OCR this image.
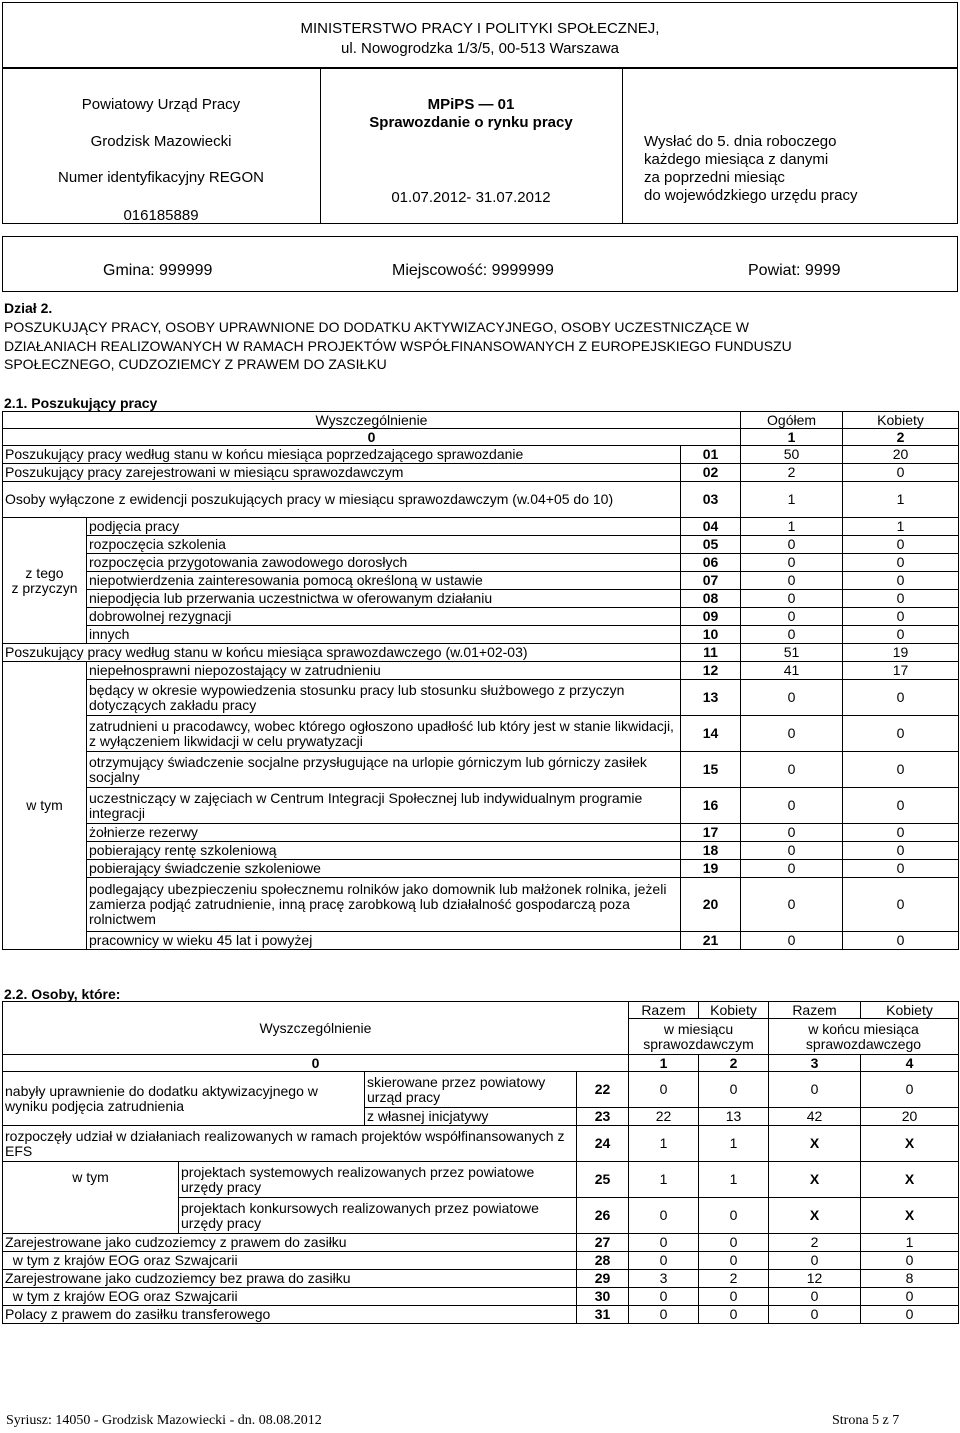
MINISTERSTWO PRACY I POLITYKI SPOŁECZNEJ,
ul. Nowogrodzka 1/3/5, 00-513 Warszawa
Powiatowy Urząd Pracy
Grodzisk Mazowiecki
Numer identyfikacyjny REGON
016185889
MPiPS — 01
Sprawozdanie o rynku pracy
01.07.2012- 31.07.2012
Wysłać do 5. dnia roboczego
każdego miesiąca z danymi
za poprzedni miesiąc
do wojewódzkiego urzędu pracy
Gmina: 999999	Miejscowość: 9999999	Powiat: 9999
Dział 2.
POSZUKUJĄCY PRACY, OSOBY UPRAWNIONE DO DODATKU AKTYWIZACYJNEGO, OSOBY UCZESTNICZĄCE W
DZIAŁANIACH REALIZOWANYCH W RAMACH PROJEKTÓW WSPÓŁFINANSOWANYCH Z EUROPEJSKIEGO FUNDUSZU
SPOŁECZNEGO, CUDZOZIEMCY Z PRAWEM DO ZASIŁKU
2.1. Poszukujący pracy
Wyszczególnienie			Ogółem	Kobiety
0			1	2
Poszukujący pracy według stanu w końcu miesiąca poprzedzającego sprawozdanie		01	50	20
Poszukujący pracy zarejestrowani w miesiącu sprawozdawczym		02	2	0
Osoby wyłączone z ewidencji poszukujących pracy w miesiącu sprawozdawczym (w.04+05 do 10)		03	1	1
z tego
z przyczyn	podjęcia pracy	04	1	1
	rozpoczęcia szkolenia	05	0	0
	rozpoczęcia przygotowania zawodowego dorosłych	06	0	0
	niepotwierdzenia zainteresowania pomocą określoną w ustawie	07	0	0
	niepodjęcia lub przerwania uczestnictwa w oferowanym działaniu	08	0	0
	dobrowolnej rezygnacji	09	0	0
	innych	10	0	0
Poszukujący pracy według stanu w końcu miesiąca sprawozdawczego (w.01+02-03)		11	51	19
w tym	niepełnosprawni niepozostający w zatrudnieniu	12	41	17
	będący w okresie wypowiedzenia stosunku pracy lub stosunku służbowego z przyczyn dotyczących zakładu pracy	13	0	0
	zatrudnieni u pracodawcy, wobec którego ogłoszono upadłość lub który jest w stanie likwidacji, z wyłączeniem likwidacji w celu prywatyzacji	14	0	0
	otrzymujący świadczenie socjalne przysługujące na urlopie górniczym lub górniczy zasiłek socjalny	15	0	0
	uczestniczący w zajęciach w Centrum Integracji Społecznej lub indywidualnym programie integracji	16	0	0
	żołnierze rezerwy	17	0	0
	pobierający rentę szkoleniową	18	0	0
	pobierający świadczenie szkoleniowe	19	0	0
	podlegający ubezpieczeniu społecznemu rolników jako domownik lub małżonek rolnika, jeżeli zamierza podjąć zatrudnienie, inną pracę zarobkową lub działalność gospodarczą poza rolnictwem	20	0	0
	pracownicy w wieku 45 lat i powyżej	21	0	0
2.2. Osoby, które:
Wyszczególnienie				Razem	Kobiety	Razem	Kobiety
				w miesiącu sprawozdawczym		w końcu miesiąca sprawozdawczego	
0				1	2	3	4
nabyły uprawnienie do dodatku aktywizacyjnego w wyniku podjęcia zatrudnienia		skierowane przez powiatowy urząd pracy	22	0	0	0	0
		z własnej inicjatywy	23	22	13	42	20
rozpoczęły udział w działaniach realizowanych w ramach projektów współfinansowanych z EFS			24	1	1	X	X
w tym	projektach systemowych realizowanych przez powiatowe urzędy pracy		25	1	1	X	X
	projektach konkursowych realizowanych przez powiatowe urzędy pracy		26	0	0	X	X
Zarejestrowane jako cudzoziemcy z prawem do zasiłku			27	0	0	2	1
w tym z krajów EOG oraz Szwajcarii			28	0	0	0	0
Zarejestrowane jako cudzoziemcy bez prawa do zasiłku			29	3	2	12	8
w tym z krajów EOG oraz Szwajcarii			30	0	0	0	0
Polacy z prawem do zasiłku transferowego			31	0	0	0	0
Syriusz: 14050 - Grodzisk Mazowiecki - dn. 08.08.2012	Strona 5 z 7
